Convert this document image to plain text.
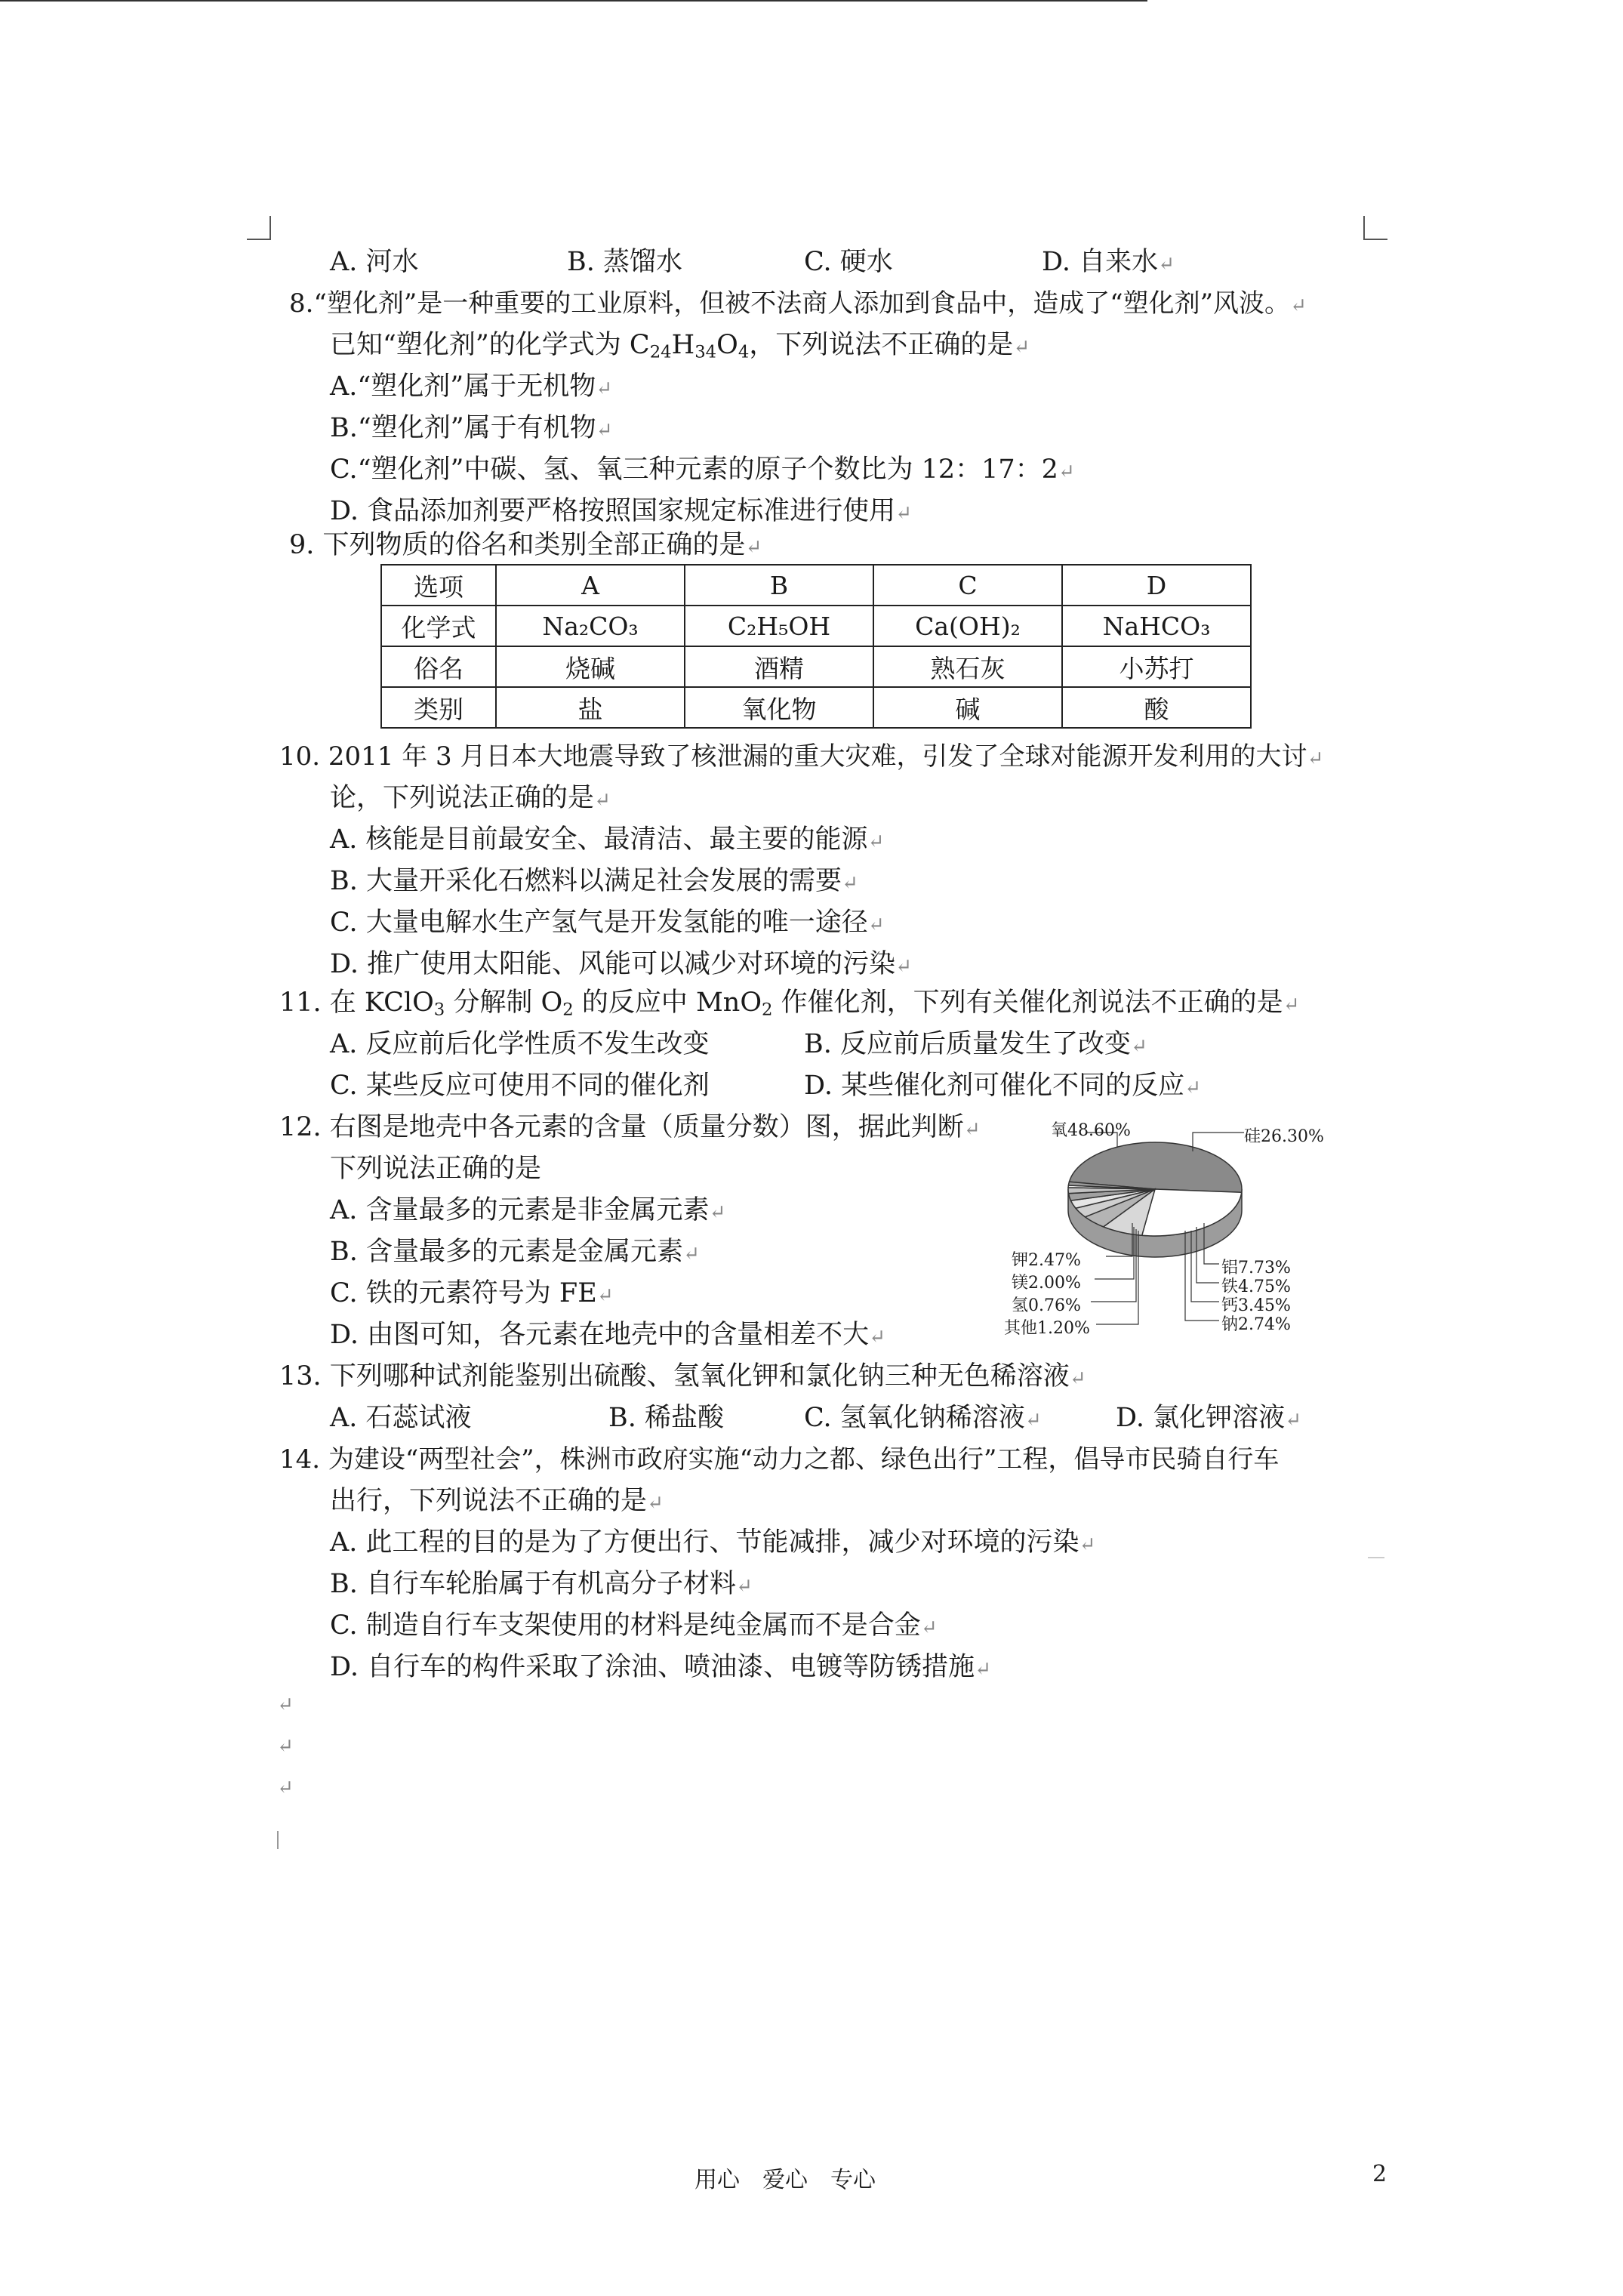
A. 河水	B. 蒸馏水	C. 硬水	D. 自来水↵
8.“塑化剂”是一种重要的工业原料，但被不法商人添加到食品中，造成了“塑化剂”风波。↵
已知“塑化剂”的化学式为 $C_{24}H_{34}O_4$，下列说法不正确的是↵
A.“塑化剂”属于无机物↵
B.“塑化剂”属于有机物↵
C.“塑化剂”中碳、氢、氧三种元素的原子个数比为 12：17：2↵
D. 食品添加剂要严格按照国家规定标准进行使用↵
9. 下列物质的俗名和类别全部正确的是↵
选项	A	B	C	D
化学式	Na₂CO₃	C₂H₅OH	Ca(OH)₂	NaHCO₃
俗名	烧碱	酒精	熟石灰	小苏打
类别	盐	氧化物	碱	酸
10. 2011 年 3 月日本大地震导致了核泄漏的重大灾难，引发了全球对能源开发利用的大讨↵
论，下列说法正确的是↵
A. 核能是目前最安全、最清洁、最主要的能源↵
B. 大量开采化石燃料以满足社会发展的需要↵
C. 大量电解水生产氢气是开发氢能的唯一途径↵
D. 推广使用太阳能、风能可以减少对环境的污染↵
11. 在 KClO$_3$ 分解制 $O_2$ 的反应中 MnO$_2$ 作催化剂，下列有关催化剂说法不正确的是↵
A. 反应前后化学性质不发生改变	B. 反应前后质量发生了改变↵
C. 某些反应可使用不同的催化剂	D. 某些催化剂可催化不同的反应↵
12. 右图是地壳中各元素的含量（质量分数）图，据此判断↵
下列说法正确的是
A. 含量最多的元素是非金属元素↵
B. 含量最多的元素是金属元素↵
C. 铁的元素符号为 FE↵
D. 由图可知，各元素在地壳中的含量相差不大↵
氧48.60%	硅26.30%
铝7.73%
铁4.75%
钙3.45%
钠2.74%
钾2.47%
镁2.00%
氢0.76%
其他1.20%
13. 下列哪种试剂能鉴别出硫酸、氢氧化钾和氯化钠三种无色稀溶液↵
A. 石蕊试液	B. 稀盐酸	C. 氢氧化钠稀溶液↵	D. 氯化钾溶液↵
14. 为建设“两型社会”，株洲市政府实施“动力之都、绿色出行”工程，倡导市民骑自行车
出行，下列说法不正确的是↵
A. 此工程的目的是为了方便出行、节能减排，减少对环境的污染↵
B. 自行车轮胎属于有机高分子材料↵
C. 制造自行车支架使用的材料是纯金属而不是合金↵
D. 自行车的构件采取了涂油、喷油漆、电镀等防锈措施↵
↵
↵
↵
用心　爱心　专心	2
